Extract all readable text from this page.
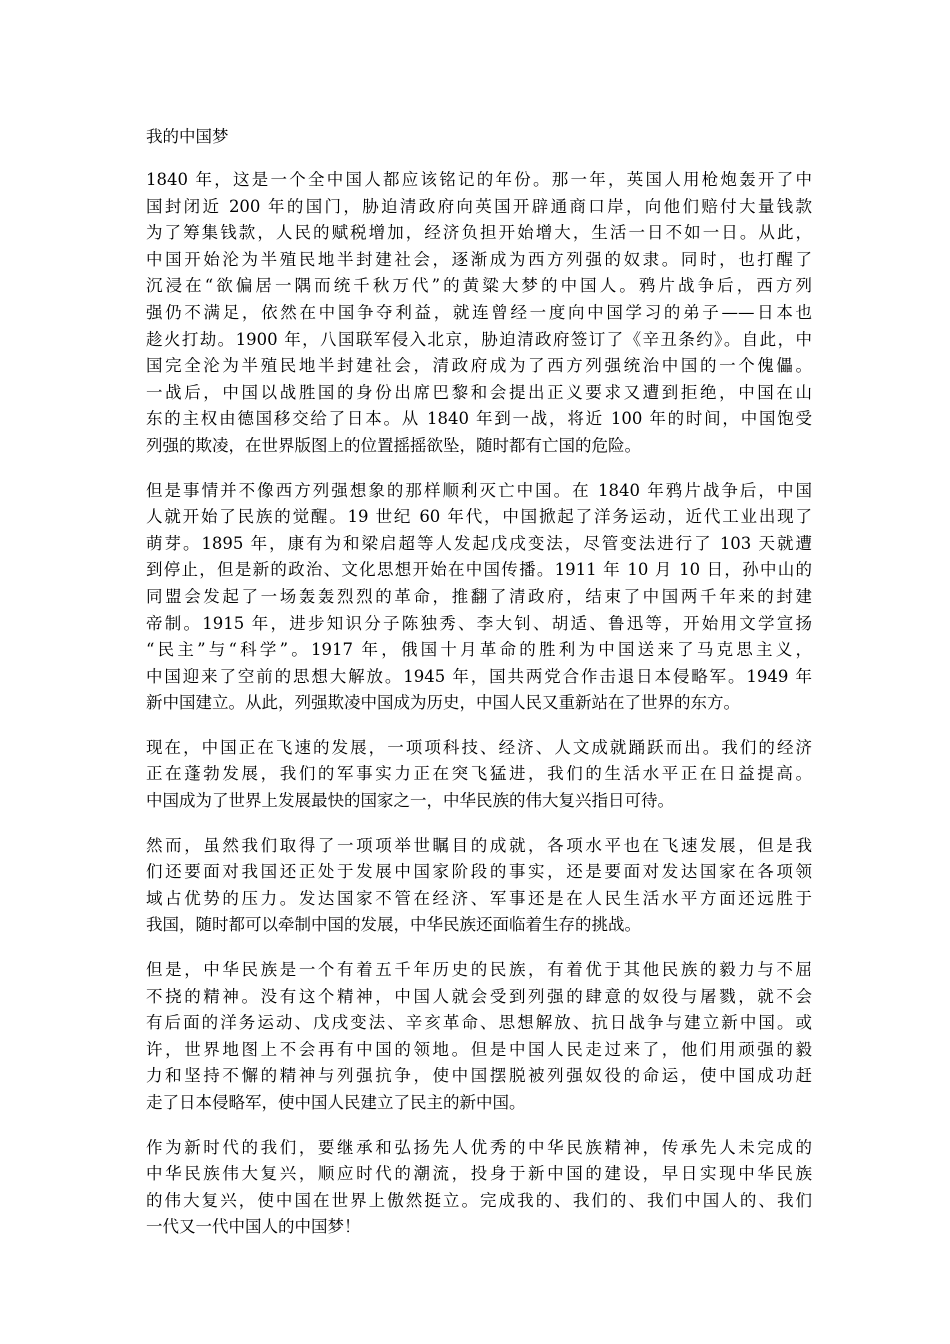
我的中国梦
1840 年，这是一个全中国人都应该铭记的年份。那一年，英国人用枪炮轰开了中
国封闭近 200 年的国门，胁迫清政府向英国开辟通商口岸，向他们赔付大量钱款
为了筹集钱款，人民的赋税增加，经济负担开始增大，生活一日不如一日。从此，
中国开始沦为半殖民地半封建社会，逐渐成为西方列强的奴隶。同时，也打醒了
沉浸在“欲偏居一隅而统千秋万代”的黄粱大梦的中国人。鸦片战争后，西方列
强仍不满足，依然在中国争夺利益，就连曾经一度向中国学习的弟子——日本也
趁火打劫。1900 年，八国联军侵入北京，胁迫清政府签订了《辛丑条约》。自此，中
国完全沦为半殖民地半封建社会，清政府成为了西方列强统治中国的一个傀儡。
一战后，中国以战胜国的身份出席巴黎和会提出正义要求又遭到拒绝，中国在山
东的主权由德国移交给了日本。从 1840 年到一战，将近 100 年的时间，中国饱受
列强的欺凌，在世界版图上的位置摇摇欲坠，随时都有亡国的危险。
但是事情并不像西方列强想象的那样顺利灭亡中国。在 1840 年鸦片战争后，中国
人就开始了民族的觉醒。19 世纪 60 年代，中国掀起了洋务运动，近代工业出现了
萌芽。1895 年，康有为和梁启超等人发起戊戌变法，尽管变法进行了 103 天就遭
到停止，但是新的政治、文化思想开始在中国传播。1911 年 10 月 10 日，孙中山的
同盟会发起了一场轰轰烈烈的革命，推翻了清政府，结束了中国两千年来的封建
帝制。1915 年，进步知识分子陈独秀、李大钊、胡适、鲁迅等，开始用文学宣扬
“民主”与“科学”。1917 年，俄国十月革命的胜利为中国送来了马克思主义，
中国迎来了空前的思想大解放。1945 年，国共两党合作击退日本侵略军。1949 年
新中国建立。从此，列强欺凌中国成为历史，中国人民又重新站在了世界的东方。
现在，中国正在飞速的发展，一项项科技、经济、人文成就踊跃而出。我们的经济
正在蓬勃发展，我们的军事实力正在突飞猛进，我们的生活水平正在日益提高。
中国成为了世界上发展最快的国家之一，中华民族的伟大复兴指日可待。
然而，虽然我们取得了一项项举世瞩目的成就，各项水平也在飞速发展，但是我
们还要面对我国还正处于发展中国家阶段的事实，还是要面对发达国家在各项领
域占优势的压力。发达国家不管在经济、军事还是在人民生活水平方面还远胜于
我国，随时都可以牵制中国的发展，中华民族还面临着生存的挑战。
但是，中华民族是一个有着五千年历史的民族，有着优于其他民族的毅力与不屈
不挠的精神。没有这个精神，中国人就会受到列强的肆意的奴役与屠戮，就不会
有后面的洋务运动、戊戌变法、辛亥革命、思想解放、抗日战争与建立新中国。或
许，世界地图上不会再有中国的领地。但是中国人民走过来了，他们用顽强的毅
力和坚持不懈的精神与列强抗争，使中国摆脱被列强奴役的命运，使中国成功赶
走了日本侵略军，使中国人民建立了民主的新中国。
作为新时代的我们，要继承和弘扬先人优秀的中华民族精神，传承先人未完成的
中华民族伟大复兴，顺应时代的潮流，投身于新中国的建设，早日实现中华民族
的伟大复兴，使中国在世界上傲然挺立。完成我的、我们的、我们中国人的、我们
一代又一代中国人的中国梦！
